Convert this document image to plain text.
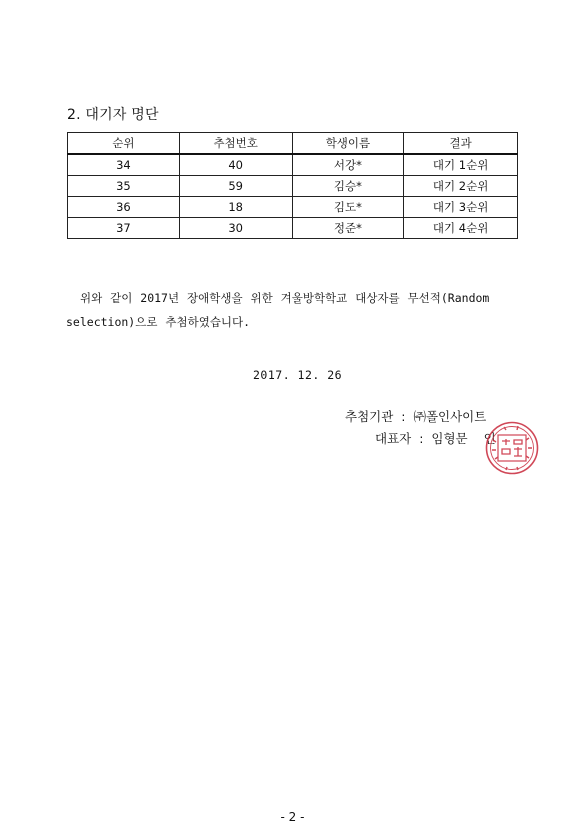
2. 대기자 명단
순위	추첨번호	학생이름	결과
34	40	서강*	대기 1순위
35	59	김승*	대기 2순위
36	18	김도*	대기 3순위
37	30	정준*	대기 4순위
위와 같이 2017년 장애학생을 위한 겨울방학학교 대상자를 무선적(Random
selection)으로 추첨하였습니다.
2017. 12. 26
추첨기관  :  ㈜폴인사이트
대표자  :  임형문 인
- 2 -
